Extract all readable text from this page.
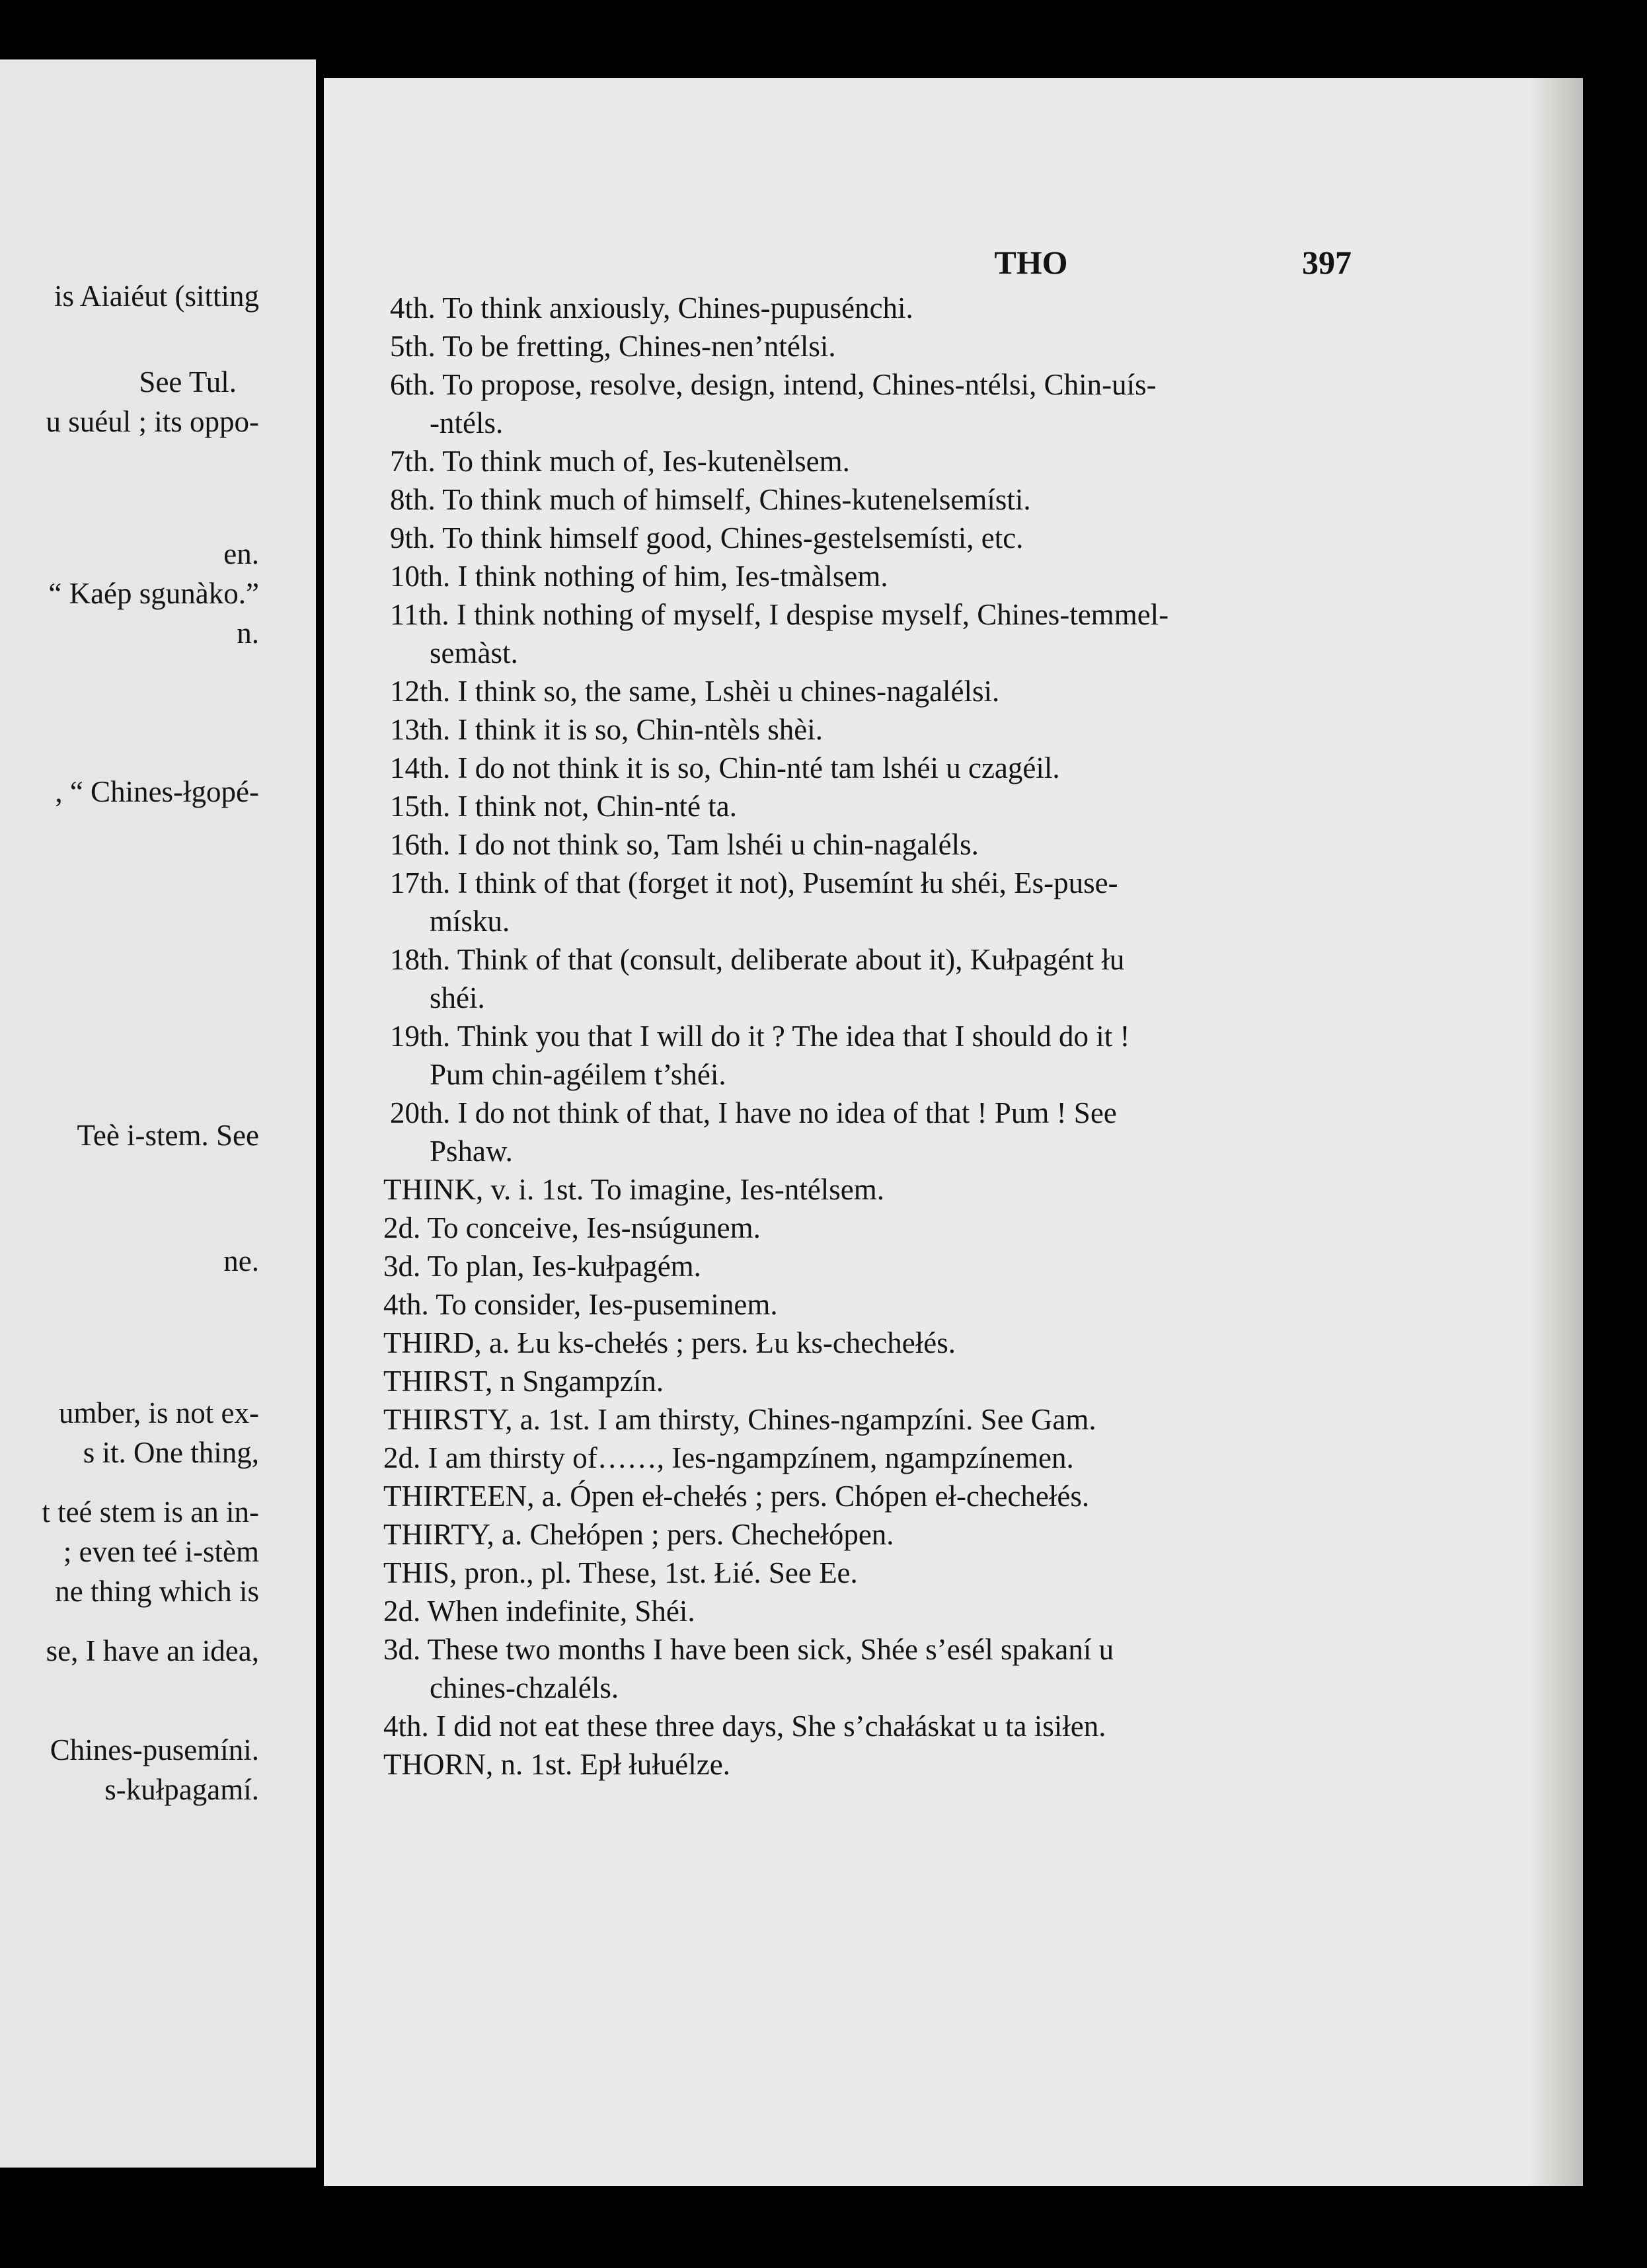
is Aiaiéut (sitting
See Tul.
u suéul ; its oppo-
en.
“ Kaép sgunàko.”
n.
, “ Chines-łgopé-
Teè i-stem. See
ne.
umber, is not ex-
s it. One thing,
t teé stem is an in-
; even teé i-stèm
ne thing which is
se, I have an idea,
Chines-pusemíni.
s-kułpagamí.
THO	397
4th. To think anxiously, Chines-pupusénchi.
5th. To be fretting, Chines-nen’ntélsi.
6th. To propose, resolve, design, intend, Chines-ntélsi, Chin-uís-
-ntéls.
7th. To think much of, Ies-kutenèlsem.
8th. To think much of himself, Chines-kutenelsemísti.
9th. To think himself good, Chines-gestelsemísti, etc.
10th. I think nothing of him, Ies-tmàlsem.
11th. I think nothing of myself, I despise myself, Chines-temmel-
semàst.
12th. I think so, the same, Lshèi u chines-nagalélsi.
13th. I think it is so, Chin-ntèls shèi.
14th. I do not think it is so, Chin-nté tam lshéi u czagéil.
15th. I think not, Chin-nté ta.
16th. I do not think so, Tam lshéi u chin-nagaléls.
17th. I think of that (forget it not), Pusemínt łu shéi, Es-puse-
mísku.
18th. Think of that (consult, deliberate about it), Kułpagént łu
shéi.
19th. Think you that I will do it ? The idea that I should do it !
Pum chin-agéilem t’shéi.
20th. I do not think of that, I have no idea of that ! Pum ! See
Pshaw.
THINK, v. i. 1st. To imagine, Ies-ntélsem.
2d. To conceive, Ies-nsúgunem.
3d. To plan, Ies-kułpagém.
4th. To consider, Ies-puseminem.
THIRD, a. Łu ks-chełés ; pers. Łu ks-chechełés.
THIRST, n Sngampzín.
THIRSTY, a. 1st. I am thirsty, Chines-ngampzíni. See Gam.
2d. I am thirsty of……, Ies-ngampzínem, ngampzínemen.
THIRTEEN, a. Ópen eł-chełés ; pers. Chópen eł-chechełés.
THIRTY, a. Chełópen ; pers. Chechełópen.
THIS, pron., pl. These, 1st. Łié. See Ee.
2d. When indefinite, Shéi.
3d. These two months I have been sick, Shée s’esél spakaní u
chines-chzaléls.
4th. I did not eat these three days, She s’chałáskat u ta isiłen.
THORN, n. 1st. Epł łułuélze.
